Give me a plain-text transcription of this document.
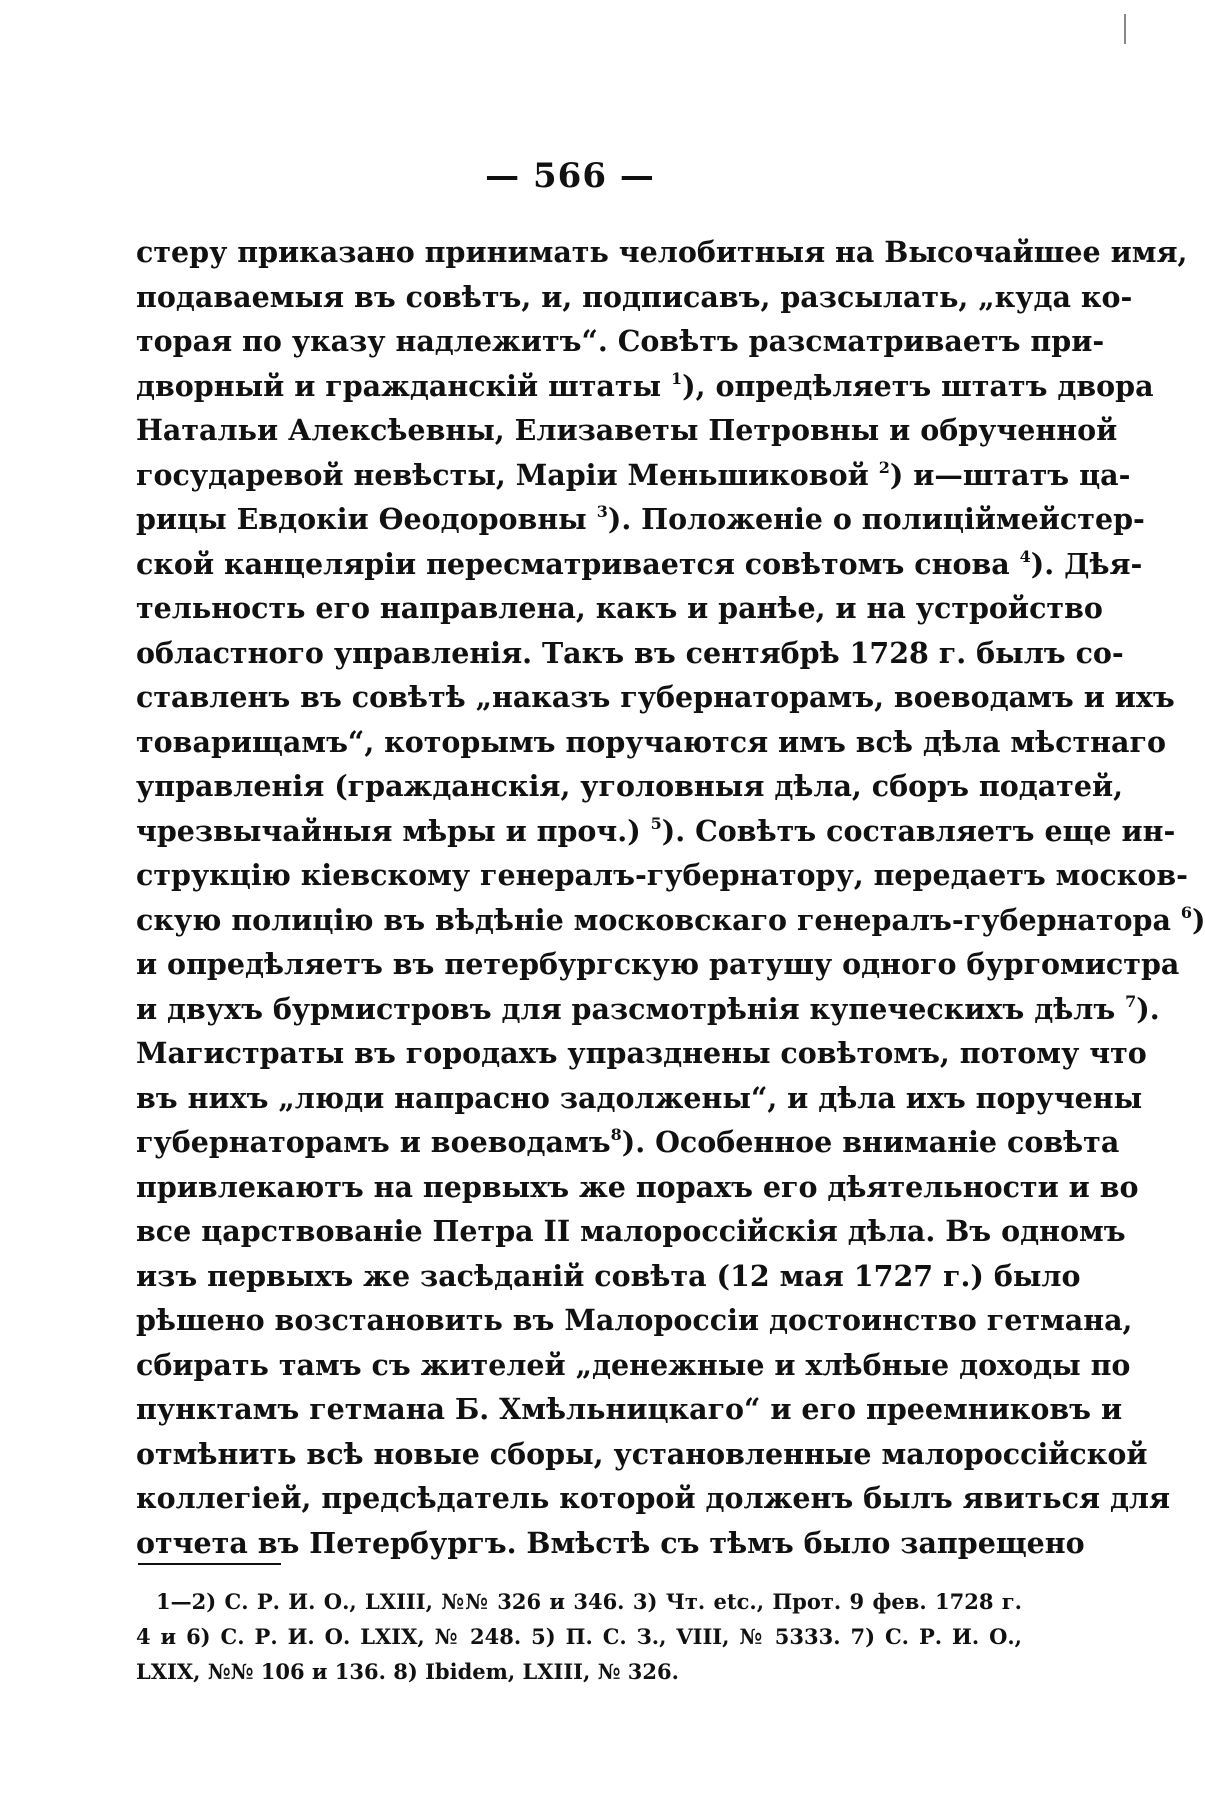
— 566 —
стеру приказано принимать челобитныя на Высочайшее имя,
подаваемыя въ совѣтъ, и, подписавъ, разсылать, „куда ко-
торая по указу надлежитъ“. Совѣтъ разсматриваетъ при-
дворный и гражданскій штаты $^1$), опредѣляетъ штатъ двора
Натальи Алексѣевны, Елизаветы Петровны и обрученной
государевой невѣсты, Маріи Меньшиковой $^2$) и—штатъ ца-
рицы Евдокіи Өеодоровны $^3$). Положеніе о полиціймейстер-
ской канцеляріи пересматривается совѣтомъ снова $^4$). Дѣя-
тельность его направлена, какъ и ранѣе, и на устройство
областного управленія. Такъ въ сентябрѣ 1728 г. былъ со-
ставленъ въ совѣтѣ „наказъ губернаторамъ, воеводамъ и ихъ
товарищамъ“, которымъ поручаются имъ всѣ дѣла мѣстнаго
управленія (гражданскія, уголовныя дѣла, сборъ податей,
чрезвычайныя мѣры и проч.) $^5$). Совѣтъ составляетъ еще ин-
струкцію кіевскому генералъ-губернатору, передаетъ москов-
скую полицію въ вѣдѣніе московскаго генералъ-губернатора $^6$)
и опредѣляетъ въ петербургскую ратушу одного бургомистра
и двухъ бурмистровъ для разсмотрѣнія купеческихъ дѣлъ $^7$).
Магистраты въ городахъ упразднены совѣтомъ, потому что
въ нихъ „люди напрасно задолжены“, и дѣла ихъ поручены
губернаторамъ и воеводамъ$^8$). Особенное вниманіе совѣта
привлекаютъ на первыхъ же порахъ его дѣятельности и во
все царствованіе Петра II малороссійскія дѣла. Въ одномъ
изъ первыхъ же засѣданій совѣта (12 мая 1727 г.) было
рѣшено возстановить въ Малороссіи достоинство гетмана,
сбирать тамъ съ жителей „денежные и хлѣбные доходы по
пунктамъ гетмана Б. Хмѣльницкаго“ и его преемниковъ и
отмѣнить всѣ новые сборы, установленные малороссійской
коллегіей, предсѣдатель которой долженъ былъ явиться для
отчета въ Петербургъ. Вмѣстѣ съ тѣмъ было запрещено
1—2) С. Р. И. О., LXIII, №№ 326 и 346. 3) Чт. etc., Прот. 9 фев. 1728 г.
4 и 6) С. Р. И. О. LXIX, № 248. 5) П. С. З., VIII, № 5333. 7) С. Р. И. О.,
LXIX, №№ 106 и 136. 8) Ibidem, LXIII, № 326.
